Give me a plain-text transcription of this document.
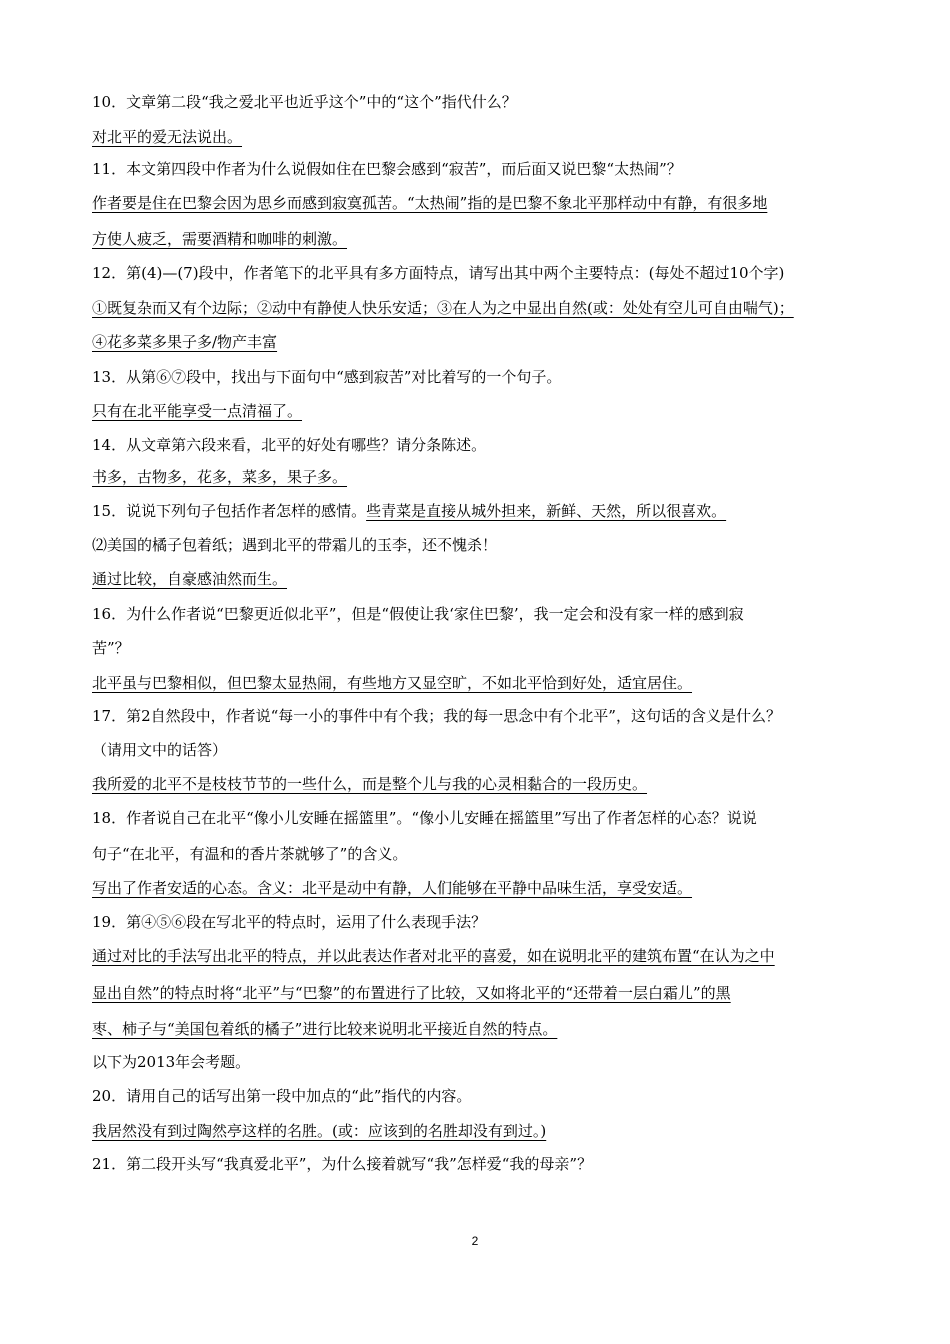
10．文章第二段“我之爱北平也近乎这个”中的“这个”指代什么？

对北平的爱无法说出。

11．本文第四段中作者为什么说假如住在巴黎会感到“寂苦”，而后面又说巴黎“太热闹”？

作者要是住在巴黎会因为思乡而感到寂寞孤苦。“太热闹”指的是巴黎不象北平那样动中有静，有很多地

方使人疲乏，需要酒精和咖啡的刺激。

12．第(4)—(7)段中，作者笔下的北平具有多方面特点，请写出其中两个主要特点：(每处不超过10个字)

①既复杂而又有个边际；②动中有静使人快乐安适；③在人为之中显出自然(或：处处有空儿可自由喘气)；

④花多菜多果子多/物产丰富

13．从第⑥⑦段中，找出与下面句中“感到寂苦”对比着写的一个句子。

只有在北平能享受一点清福了。

14．从文章第六段来看，北平的好处有哪些？请分条陈述。

书多，古物多，花多，菜多，果子多。

15．说说下列句子包括作者怎样的感情。些青菜是直接从城外担来，新鲜、天然，所以很喜欢。

⑵美国的橘子包着纸；遇到北平的带霜儿的玉李，还不愧杀！

通过比较，自豪感油然而生。

16．为什么作者说“巴黎更近似北平”，但是“假使让我‘家住巴黎’，我一定会和没有家一样的感到寂

苦”？

北平虽与巴黎相似，但巴黎太显热闹，有些地方又显空旷，不如北平恰到好处，适宜居住。

17．第2自然段中，作者说“每一小的事件中有个我；我的每一思念中有个北平”，这句话的含义是什么？

（请用文中的话答）

我所爱的北平不是枝枝节节的一些什么，而是整个儿与我的心灵相黏合的一段历史。

18．作者说自己在北平“像小儿安睡在摇篮里”。“像小儿安睡在摇篮里”写出了作者怎样的心态？说说

句子“在北平，有温和的香片茶就够了”的含义。

写出了作者安适的心态。含义：北平是动中有静，人们能够在平静中品味生活，享受安适。

19．第④⑤⑥段在写北平的特点时，运用了什么表现手法？

通过对比的手法写出北平的特点，并以此表达作者对北平的喜爱，如在说明北平的建筑布置“在认为之中

显出自然”的特点时将“北平”与“巴黎”的布置进行了比较，又如将北平的“还带着一层白霜儿”的黑

枣、柿子与“美国包着纸的橘子”进行比较来说明北平接近自然的特点。

以下为2013年会考题。

20．请用自己的话写出第一段中加点的“此”指代的内容。

我居然没有到过陶然亭这样的名胜。(或：应该到的名胜却没有到过。)

21．第二段开头写“我真爱北平”，为什么接着就写“我”怎样爱“我的母亲”？

2
